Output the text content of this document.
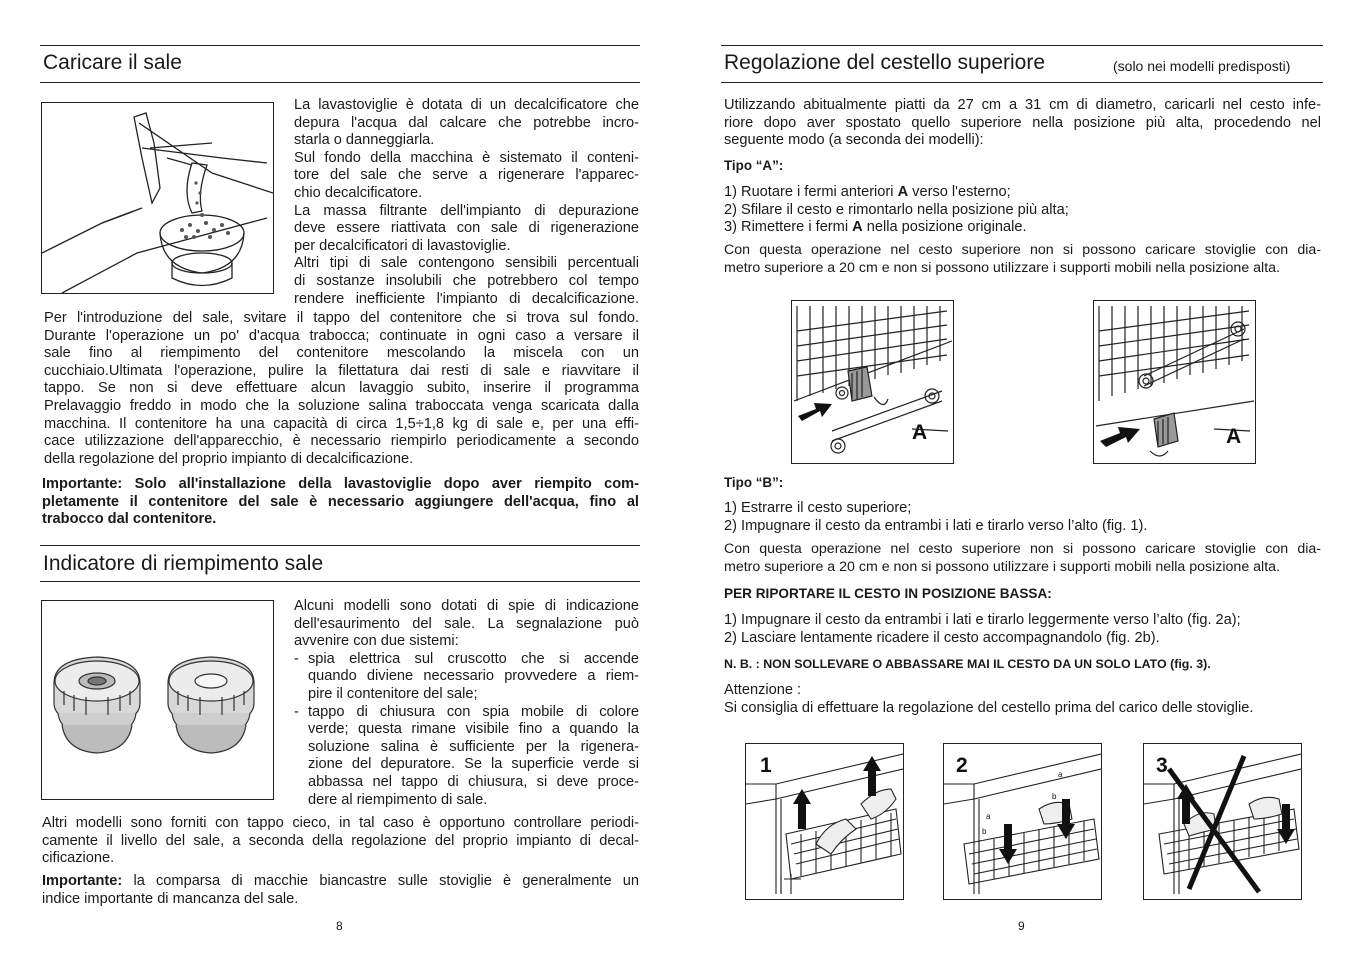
Caricare il sale
La lavastoviglie è dotata di un decalcificatore che
depura l'acqua dal calcare che potrebbe incro-
starla o danneggiarla.
Sul fondo della macchina è sistemato il conteni-
tore del sale che serve a rigenerare l'apparec-
chio decalcificatore.
La massa filtrante dell'impianto di depurazione
deve essere riattivata con sale di rigenerazione
per decalcificatori di lavastoviglie.
Altri tipi di sale contengono sensibili percentuali
di sostanze insolubili che potrebbero col tempo
rendere inefficiente l'impianto di decalcificazione.
Per l'introduzione del sale, svitare il tappo del contenitore che si trova sul fondo.
Durante l'operazione un po' d'acqua trabocca; continuate in ogni caso a versare il
sale fino al riempimento del contenitore mescolando la miscela con un
cucchiaio.Ultimata l'operazione, pulire la filettatura dai resti di sale e riavvitare il
tappo. Se non si deve effettuare alcun lavaggio subito, inserire il programma
Prelavaggio freddo in modo che la soluzione salina traboccata venga scaricata dalla
macchina. Il contenitore ha una capacità di circa 1,5÷1,8 kg di sale e, per una effi-
cace utilizzazione dell'apparecchio, è necessario riempirlo periodicamente a secondo
della regolazione del proprio impianto di decalcificazione.
Importante: Solo all'installazione della lavastoviglie dopo aver riempito com-
pletamente il contenitore del sale è necessario aggiungere dell'acqua, fino al
trabocco dal contenitore.
Indicatore di riempimento sale
Alcuni modelli sono dotati di spie di indicazione
dell'esaurimento del sale. La segnalazione può
avvenire con due sistemi:
- spia elettrica sul cruscotto che si accende
quando diviene necessario provvedere a riem-
pire il contenitore del sale;
- tappo di chiusura con spia mobile di colore
verde; questa rimane visibile fino a quando la
soluzione salina è sufficiente per la rigenera-
zione del depuratore. Se la superficie verde si
abbassa nel tappo di chiusura, si deve proce-
dere al riempimento di sale.
Altri modelli sono forniti con tappo cieco, in tal caso è opportuno controllare periodi-
camente il livello del sale, a seconda della regolazione del proprio impianto di decal-
cificazione.
Importante: la comparsa di macchie biancastre sulle stoviglie è generalmente un
indice importante di mancanza del sale.
8
Regolazione del cestello superiore	(solo nei modelli predisposti)
Utilizzando abitualmente piatti da 27 cm a 31 cm di diametro, caricarli nel cesto infe-
riore dopo aver spostato quello superiore nella posizione più alta, procedendo nel
seguente modo (a seconda dei modelli):
Tipo “A”:
1) Ruotare i fermi anteriori A verso l'esterno;
2) Sfilare il cesto e rimontarlo nella posizione più alta;
3) Rimettere i fermi A nella posizione originale.
Con questa operazione nel cesto superiore non si possono caricare stoviglie con dia-
metro superiore a 20 cm e non si possono utilizzare i supporti mobili nella posizione alta.
A	A
Tipo “B”:
1) Estrarre il cesto superiore;
2) Impugnare il cesto da entrambi i lati e tirarlo verso l’alto (fig. 1).
Con questa operazione nel cesto superiore non si possono caricare stoviglie con dia-
metro superiore a 20 cm e non si possono utilizzare i supporti mobili nella posizione alta.
PER RIPORTARE IL CESTO IN POSIZIONE BASSA:
1) Impugnare il cesto da entrambi i lati e tirarlo leggermente verso l’alto (fig. 2a);
2) Lasciare lentamente ricadere il cesto accompagnandolo (fig. 2b).
N. B. : NON SOLLEVARE O ABBASSARE MAI IL CESTO DA UN SOLO LATO (fig. 3).
Attenzione :
Si consiglia di effettuare la regolazione del cestello prima del carico delle stoviglie.
1	2	a
b
a
b
3
9
